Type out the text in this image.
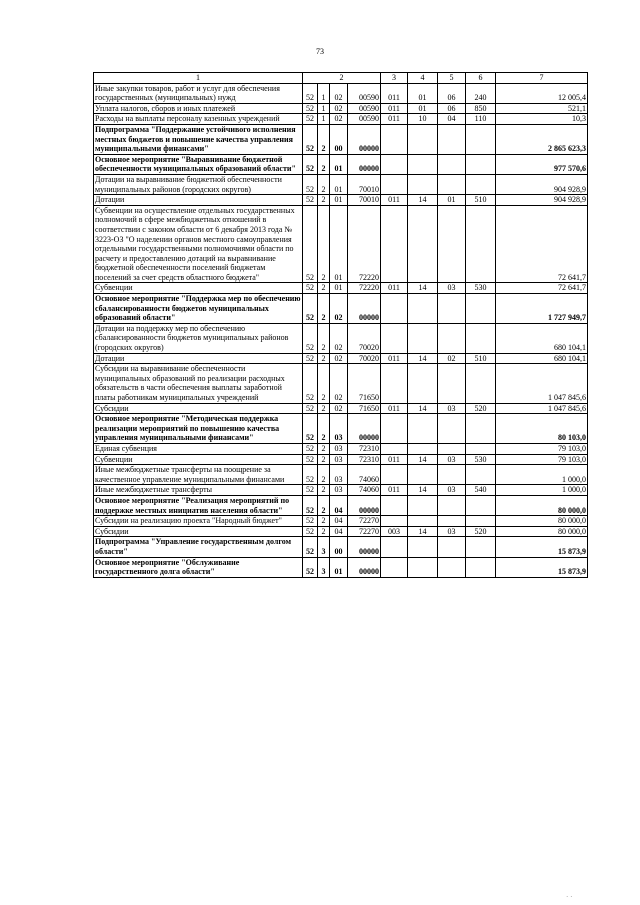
73
1	2				3	4	5	6	7
Иные закупки товаров, работ и услуг для обеспечения государственных (муниципальных) нужд	52	1	02	00590	011	01	06	240	12 005,4
Уплата налогов, сборов и иных платежей	52	1	02	00590	011	01	06	850	521,1
Расходы на выплаты персоналу казенных учреждений	52	1	02	00590	011	10	04	110	10,3
Подпрограмма "Поддержание устойчивого исполнения местных бюджетов и повышение качества управления муниципальными финансами"	52	2	00	00000					2 865 623,3
Основное мероприятие "Выравнивание бюджетной обеспеченности муниципальных образований области"	52	2	01	00000					977 570,6
Дотации на выравнивание бюджетной обеспеченности муниципальных районов (городских округов)	52	2	01	70010					904 928,9
Дотации	52	2	01	70010	011	14	01	510	904 928,9
Субвенции на осуществление отдельных государственных полномочий в сфере межбюджетных отношений в соответствии с законом области от 6 декабря 2013 года № 3223-ОЗ "О наделении органов местного самоуправления отдельными государственными полномочиями области по расчету и предоставлению дотаций на выравнивание бюджетной обеспеченности поселений бюджетам поселений за счет средств областного бюджета"	52	2	01	72220					72 641,7
Субвенции	52	2	01	72220	011	14	03	530	72 641,7
Основное мероприятие "Поддержка мер по обеспечению сбалансированности бюджетов муниципальных образований области"	52	2	02	00000					1 727 949,7
Дотации на поддержку мер по обеспечению сбалансированности бюджетов муниципальных районов (городских округов)	52	2	02	70020					680 104,1
Дотации	52	2	02	70020	011	14	02	510	680 104,1
Субсидии на выравнивание обеспеченности муниципальных образований по реализации расходных обязательств в части обеспечения выплаты заработной платы работникам муниципальных учреждений	52	2	02	71650					1 047 845,6
Субсидии	52	2	02	71650	011	14	03	520	1 047 845,6
Основное мероприятие "Методическая поддержка реализации мероприятий по повышению качества управления муниципальными финансами"	52	2	03	00000					80 103,0
Единая субвенция	52	2	03	72310					79 103,0
Субвенции	52	2	03	72310	011	14	03	530	79 103,0
Иные межбюджетные трансферты на поощрение за качественное управление муниципальными финансами	52	2	03	74060					1 000,0
Иные межбюджетные трансферты	52	2	03	74060	011	14	03	540	1 000,0
Основное мероприятие "Реализация мероприятий по поддержке местных инициатив населения области"	52	2	04	00000					80 000,0
Субсидии на реализацию проекта "Народный бюджет"	52	2	04	72270					80 000,0
Субсидии	52	2	04	72270	003	14	03	520	80 000,0
Подпрограмма "Управление государственным долгом области"	52	3	00	00000					15 873,9
Основное мероприятие "Обслуживание государственного долга области"	52	3	01	00000					15 873,9
· ·
